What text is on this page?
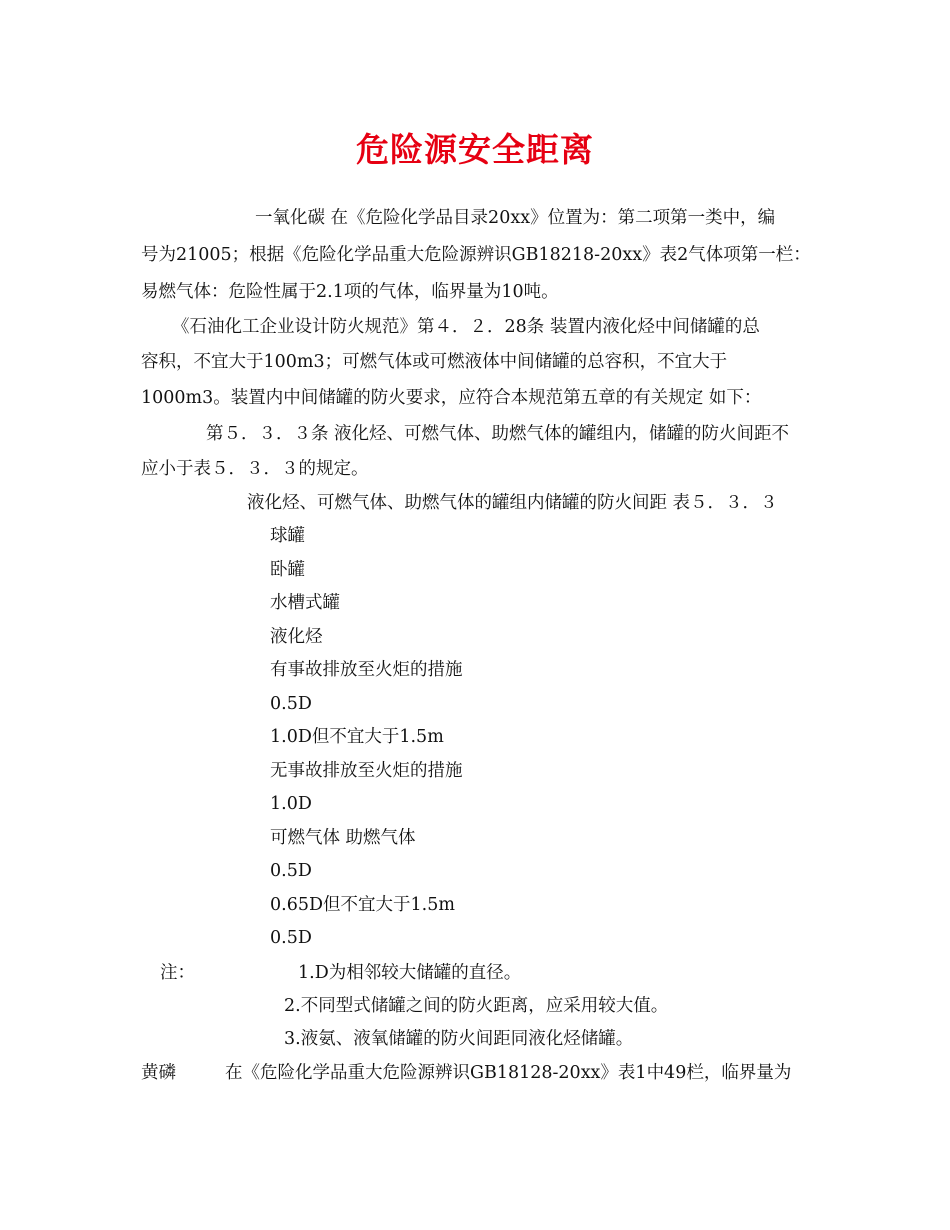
危险源安全距离
一氧化碳 在《危险化学品目录20xx》位置为：第二项第一类中，编
号为21005；根据《危险化学品重大危险源辨识GB18218-20xx》表2气体项第一栏：
易燃气体：危险性属于2.1项的气体，临界量为10吨。
《石油化工企业设计防火规范》第４．２．28条 装置内液化烃中间储罐的总
容积，不宜大于100m3；可燃气体或可燃液体中间储罐的总容积，不宜大于
1000m3。装置内中间储罐的防火要求，应符合本规范第五章的有关规定 如下：
第５．３．３条 液化烃、可燃气体、助燃气体的罐组内，储罐的防火间距不
应小于表５．３．３的规定。
液化烃、可燃气体、助燃气体的罐组内储罐的防火间距 表５．３．３
球罐
卧罐
水槽式罐
液化烃
有事故排放至火炬的措施
0.5D
1.0D但不宜大于1.5m
无事故排放至火炬的措施
1.0D
可燃气体 助燃气体
0.5D
0.65D但不宜大于1.5m
0.5D
注：	1.D为相邻较大储罐的直径。
2.不同型式储罐之间的防火距离，应采用较大值。
3.液氨、液氧储罐的防火间距同液化烃储罐。
黄磷	在《危险化学品重大危险源辨识GB18128-20xx》表1中49栏，临界量为
